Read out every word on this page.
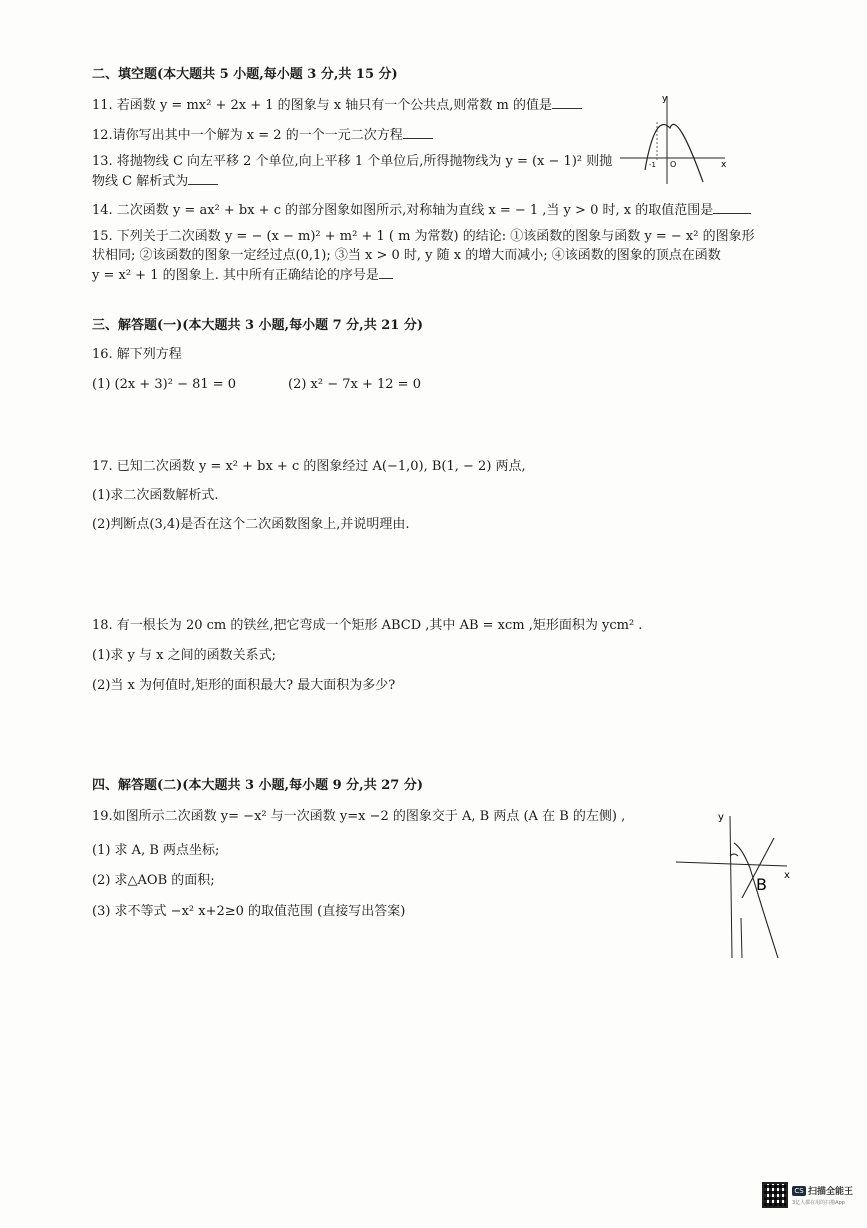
二、填空题(本大题共 5 小题,每小题 3 分,共 15 分)
11. 若函数 y = mx² + 2x + 1 的图象与 x 轴只有一个公共点,则常数 m 的值是
12.请你写出其中一个解为 x = 2 的一个一元二次方程
13. 将抛物线 C 向左平移 2 个单位,向上平移 1 个单位后,所得抛物线为 y = (x − 1)² 则抛
物线 C 解析式为
14. 二次函数 y = ax² + bx + c 的部分图象如图所示,对称轴为直线 x = − 1 ,当 y > 0 时, x 的取值范围是
15. 下列关于二次函数 y = − (x − m)² + m² + 1 ( m 为常数) 的结论: ①该函数的图象与函数 y = − x² 的图象形
状相同; ②该函数的图象一定经过点(0,1); ③当 x > 0 时, y 随 x 的增大而减小; ④该函数的图象的顶点在函数
y = x² + 1 的图象上. 其中所有正确结论的序号是
y
x
O
-1
三、解答题(一)(本大题共 3 小题,每小题 7 分,共 21 分)
16. 解下列方程
(1) (2x + 3)² − 81 = 0	(2) x² − 7x + 12 = 0
17. 已知二次函数 y = x² + bx + c 的图象经过 A(−1,0), B(1, − 2) 两点,
(1)求二次函数解析式.
(2)判断点(3,4)是否在这个二次函数图象上,并说明理由.
18. 有一根长为 20 cm 的铁丝,把它弯成一个矩形 ABCD ,其中 AB = xcm ,矩形面积为 ycm² .
(1)求 y 与 x 之间的函数关系式;
(2)当 x 为何值时,矩形的面积最大? 最大面积为多少?
四、解答题(二)(本大题共 3 小题,每小题 9 分,共 27 分)
19.如图所示二次函数 y= −x² 与一次函数 y=x −2 的图象交于 A, B 两点 (A 在 B 的左侧) ,
(1) 求 A, B 两点坐标;
(2) 求△AOB 的面积;
(3) 求不等式 −x² x+2≥0 的取值范围 (直接写出答案)
y
x
B
CS 扫描全能王
3亿人都在用的扫描App
